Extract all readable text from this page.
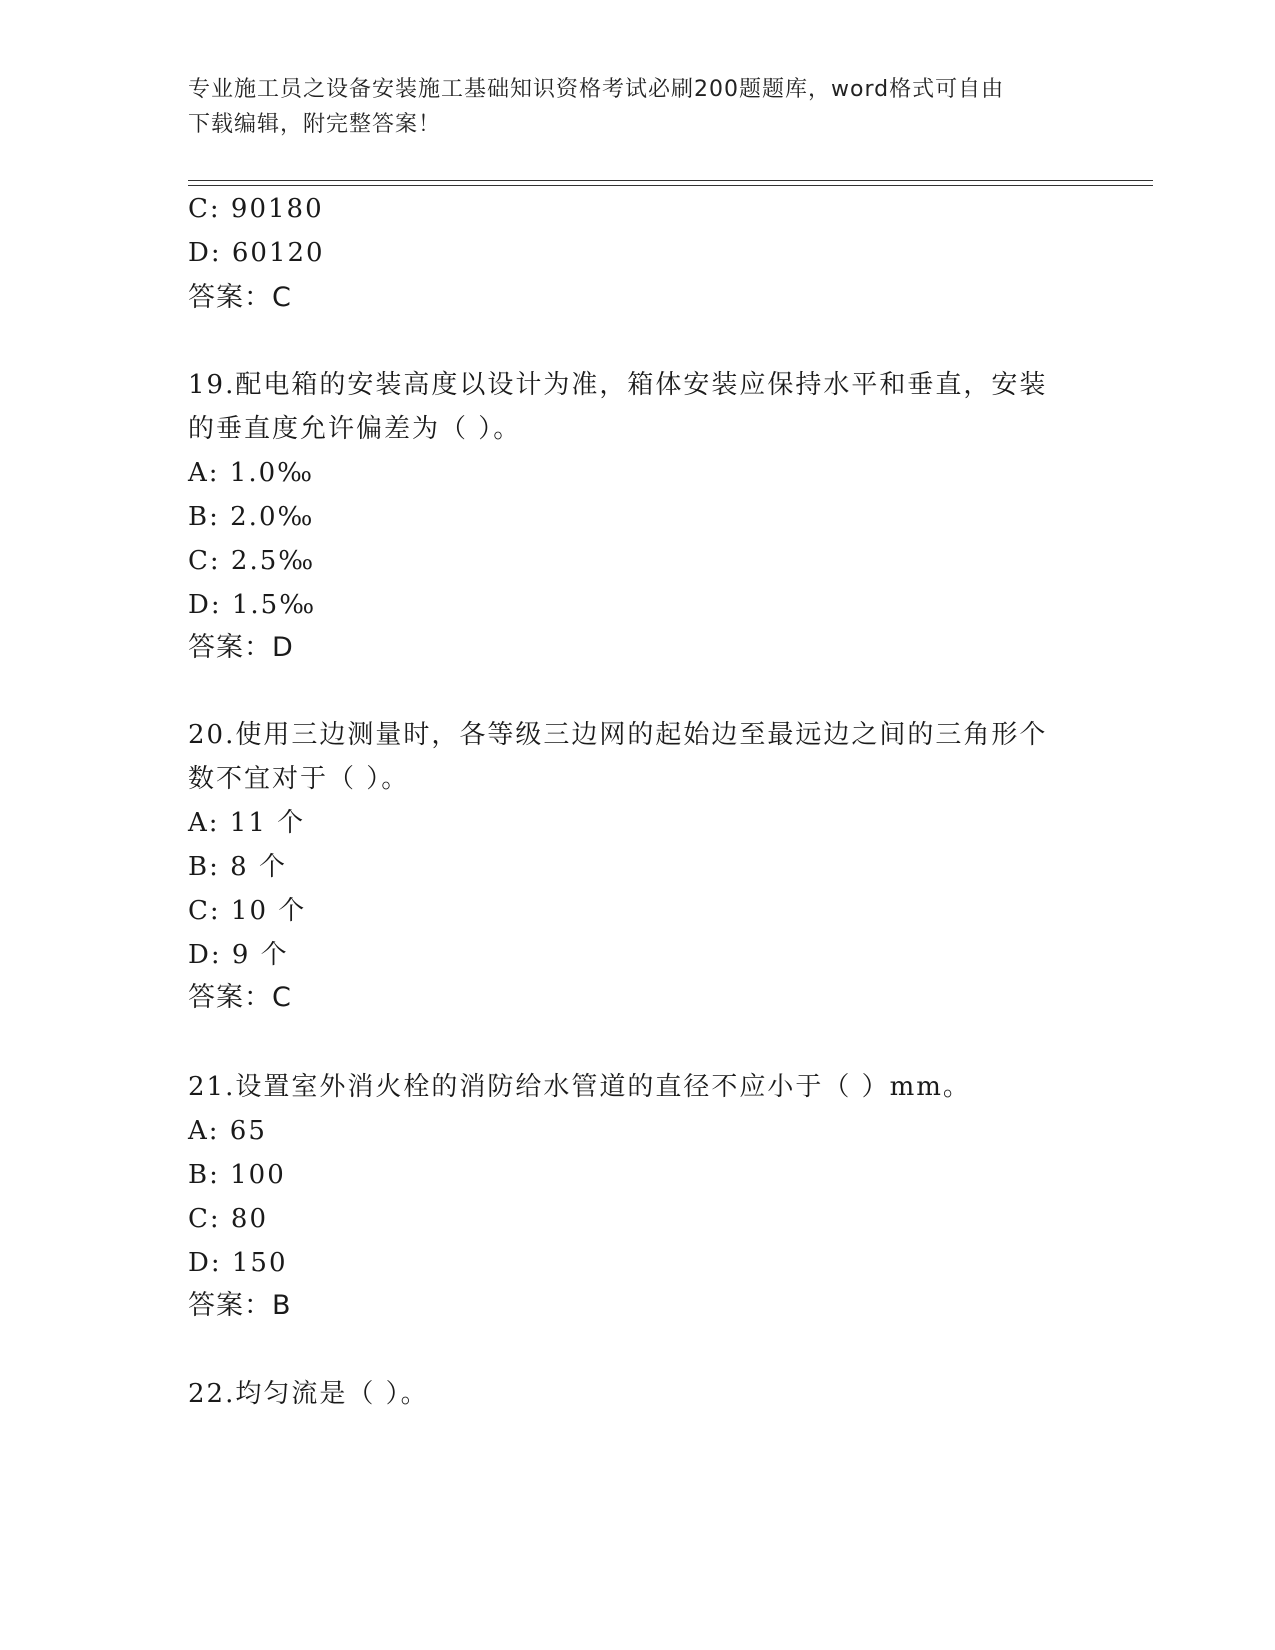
专业施工员之设备安装施工基础知识资格考试必刷200题题库，word格式可自由
下载编辑，附完整答案！
C: 90180
D: 60120
答案：C
19.配电箱的安装高度以设计为准，箱体安装应保持水平和垂直，安装
的垂直度允许偏差为（ ）。
A: 1.0‰
B: 2.0‰
C: 2.5‰
D: 1.5‰
答案：D
20.使用三边测量时，各等级三边网的起始边至最远边之间的三角形个
数不宜对于（ ）。
A: 11 个
B: 8 个
C: 10 个
D: 9 个
答案：C
21.设置室外消火栓的消防给水管道的直径不应小于（ ）mm。
A: 65
B: 100
C: 80
D: 150
答案：B
22.均匀流是（ ）。
